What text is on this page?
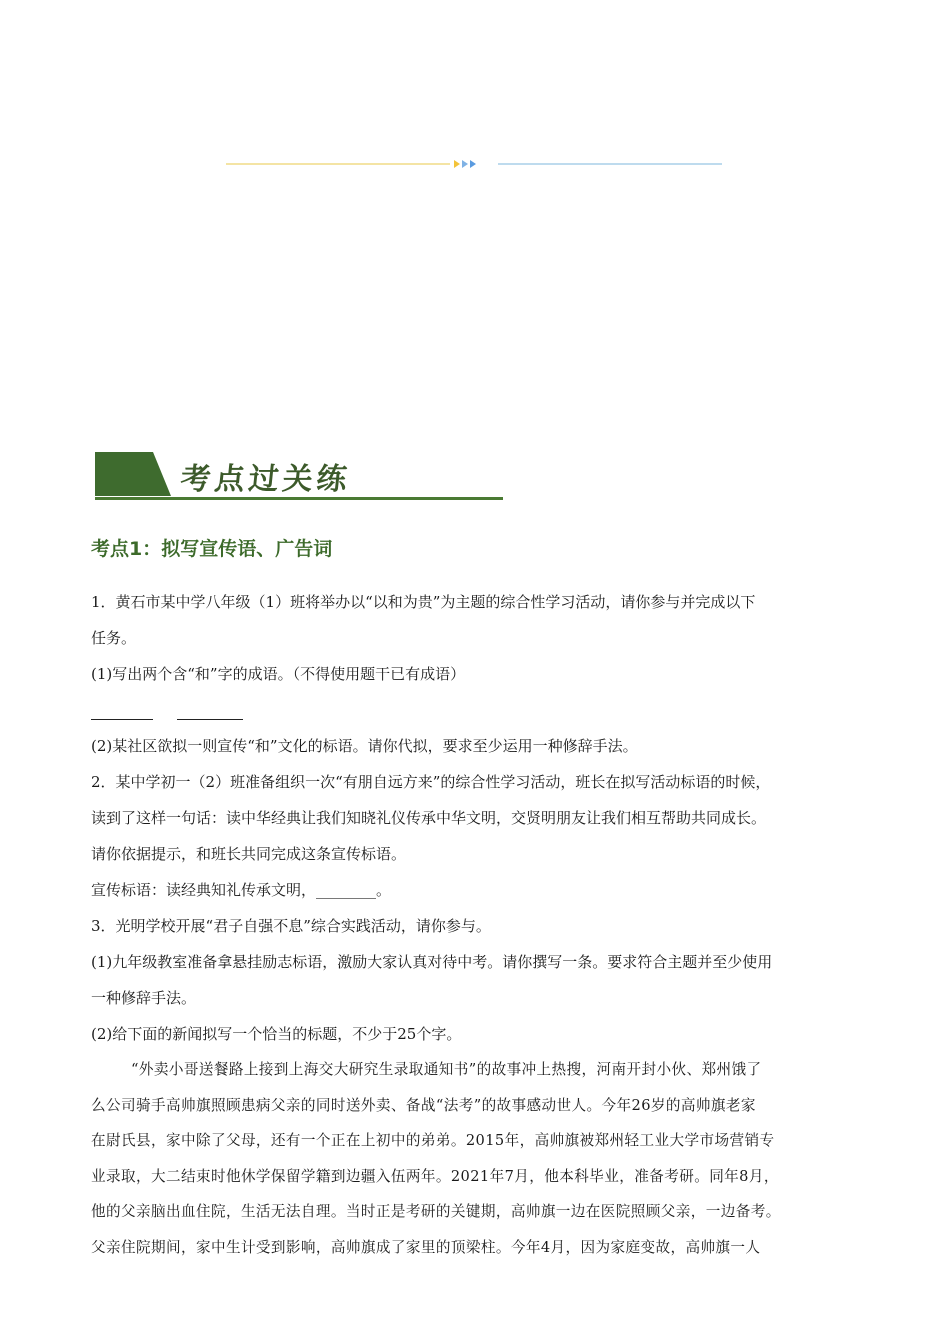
考点过关练
考点1：拟写宣传语、广告词
1．黄石市某中学八年级（1）班将举办以“以和为贵”为主题的综合性学习活动，请你参与并完成以下
任务。
(1)写出两个含“和”字的成语。（不得使用题干已有成语）
(2)某社区欲拟一则宣传“和”文化的标语。请你代拟，要求至少运用一种修辞手法。
2．某中学初一（2）班准备组织一次“有朋自远方来”的综合性学习活动，班长在拟写活动标语的时候，
读到了这样一句话：读中华经典让我们知晓礼仪传承中华文明，交贤明朋友让我们相互帮助共同成长。
请你依据提示，和班长共同完成这条宣传标语。
宣传标语：读经典知礼传承文明，________。
3．光明学校开展“君子自强不息”综合实践活动，请你参与。
(1)九年级教室准备拿悬挂励志标语，激励大家认真对待中考。请你撰写一条。要求符合主题并至少使用
一种修辞手法。
(2)给下面的新闻拟写一个恰当的标题，不少于25个字。
“外卖小哥送餐路上接到上海交大研究生录取通知书”的故事冲上热搜，河南开封小伙、郑州饿了
么公司骑手高帅旗照顾患病父亲的同时送外卖、备战“法考”的故事感动世人。今年26岁的高帅旗老家
在尉氏县，家中除了父母，还有一个正在上初中的弟弟。2015年，高帅旗被郑州轻工业大学市场营销专
业录取，大二结束时他休学保留学籍到边疆入伍两年。2021年7月，他本科毕业，准备考研。同年8月，
他的父亲脑出血住院，生活无法自理。当时正是考研的关键期，高帅旗一边在医院照顾父亲，一边备考。
父亲住院期间，家中生计受到影响，高帅旗成了家里的顶梁柱。今年4月，因为家庭变故，高帅旗一人
